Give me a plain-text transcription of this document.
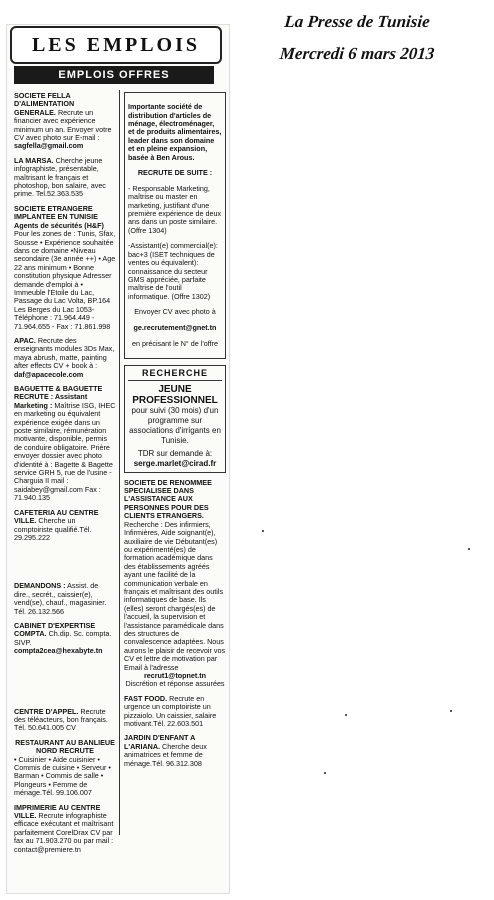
LES EMPLOIS
EMPLOIS OFFRES
SOCIETE FELLA D'ALIMENTATION GENERALE. Recrute un financier avec expérience minimum un an. Envoyer votre CV avec photo sur E-mail :
sagfella@gmail.com
LA MARSA. Cherche jeune infographiste, présentable, maîtrisant le français et photoshop, bon salaire, avec prime. Tel.52.363.535
SOCIETE ETRANGERE IMPLANTEE EN TUNISIE Agents de sécurités (H&F) Pour les zones de : Tunis, Sfax, Sousse • Expérience souhaitée dans ce domaine •Niveau secondaire (3e année ++) • Age 22 ans minimum • Bonne constitution physique Adresser demande d'emploi à • Immeuble l'Etoile du Lac, Passage du Lac Volta, BP.164 Les Berges du Lac 1053- Téléphone : 71.964.449 - 71.964.655 - Fax : 71.861.998
APAC. Recrute des enseignants modules 3Ds Max, maya abrush, matte, painting after effects CV + book à :
daf@apacecole.com
BAGUETTE & BAGUETTE RECRUTE : Assistant Marketing : Maîtrise ISG, IHEC en marketing ou équivalent expérience exigée dans un poste similaire, rémunération motivante, disponible, permis de conduire obligatoire. Prière envoyer dossier avec photo d'identité à : Bagette & Bagette service GRH 5, rue de l'usine - Charguia II mail : saidabey@gmail.com Fax : 71.940.135
CAFETERIA AU CENTRE VILLE. Cherche un comptoiriste qualifié.Tél. 29.295.222
DEMANDONS : Assist. de dire., secrét., caissier(e), vend(se), chauf., magasinier. Tél. 26.132.566
CABINET D'EXPERTISE COMPTA. Ch.dip. Sc. compta. SIVP.
compta2cea@hexabyte.tn
CENTRE D'APPEL. Recrute des téléacteurs, bon français. Tél. 50.641.005 CV
RESTAURANT AU BANLIEUE NORD RECRUTE
• Cuisinier • Aide cuisinier • Commis de cuisine • Serveur • Barman • Commis de salle • Plongeurs • Femme de ménage.Tél. 99.106.007
IMPRIMERIE AU CENTRE VILLE. Recrute infographiste efficace exécutant et maîtrisant parfaitement CorelDrax CV par fax au 71.903.270 ou par mail : contact@premiere.tn

Importante société de distribution d'articles de ménage, électroménager, et de produits alimentaires, leader dans son domaine et en pleine expansion, basée à Ben Arous.

RECRUTE DE SUITE :

- Responsable Marketing, maîtrise ou master en marketing, justifiant d'une première expérience de deux ans dans un poste similaire. (Offre 1304)

-Assistant(e) commercial(e): bac+3 (ISET techniques de ventes ou équivalent): connaissance du secteur GMS appréciée, parfaite maîtrise de l'outil informatique. (Offre 1302)

Envoyer CV avec photo à

ge.recrutement@gnet.tn

en précisant le N° de l'offre

RECHERCHE
JEUNE PROFESSIONNEL
pour suivi (30 mois) d'un programme sur associations d'irrigants en Tunisie.
TDR sur demande à:
serge.marlet@cirad.fr
SOCIETE DE RENOMMEE SPECIALISEE DANS L'ASSISTANCE AUX PERSONNES POUR DES CLIENTS ETRANGERS. Recherche : Des infirmiers, Infirmières, Aide soignant(e), auxiliaire de vie Débutant(es) ou expérimenté(es) de formation académique dans des établissements agréés ayant une facilité de la communication verbale en français et maîtrisant des outils informatiques de base. Ils (elles) seront chargés(es) de l'accueil, la supervision et l'assistance paramédicale dans des structures de convalescence adaptées. Nous aurons le plaisir de recevoir vos CV et lettre de motivation par Email à l'adresse
recrut1@topnet.tn
Discrétion et réponse assurées
FAST FOOD. Recrute en urgence un comptoiriste un pizzaiolo. Un caissier, salaire motivant.Tél. 22.603.501
JARDIN D'ENFANT A L'ARIANA. Cherche deux animatrices et femme de ménage.Tél. 96.312.308
La Presse de Tunisie
Mercredi 6 mars 2013
